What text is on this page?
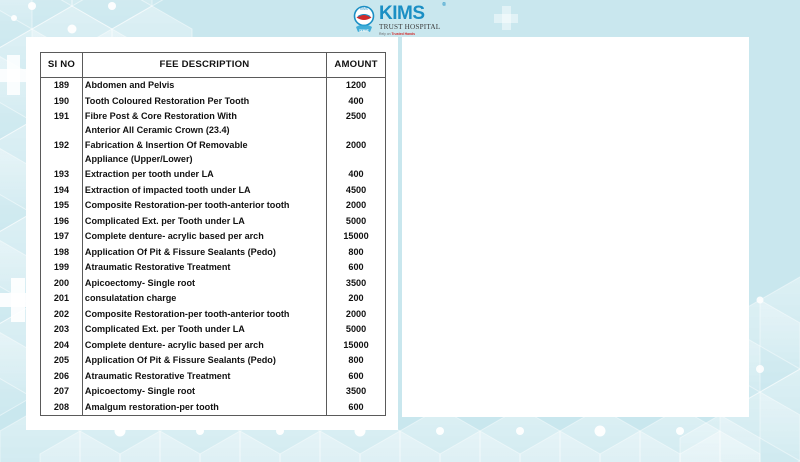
KIMS
trust
KIMS	®
TRUST HOSPITAL
Rely on Trusted Hands
SI NO	FEE DESCRIPTION	AMOUNT
189	Abdomen and Pelvis	1200
190	Tooth Coloured Restoration Per Tooth	400
191	Fibre Post & Core Restoration With
Anterior All Ceramic Crown (23.4)	2500
192	Fabrication & Insertion Of Removable
Appliance (Upper/Lower)	2000
193	Extraction per tooth under LA	400
194	Extraction of impacted tooth under LA	4500
195	Composite Restoration-per tooth-anterior tooth	2000
196	Complicated Ext. per Tooth under LA	5000
197	Complete denture- acrylic based per arch	15000
198	Application Of Pit & Fissure Sealants (Pedo)	800
199	Atraumatic Restorative Treatment	600
200	Apicoectomy- Single root	3500
201	consulatation charge	200
202	Composite Restoration-per tooth-anterior tooth	2000
203	Complicated Ext. per Tooth under LA	5000
204	Complete denture- acrylic based per arch	15000
205	Application Of Pit & Fissure Sealants (Pedo)	800
206	Atraumatic Restorative Treatment	600
207	Apicoectomy- Single root	3500
208	Amalgum restoration-per tooth	600
